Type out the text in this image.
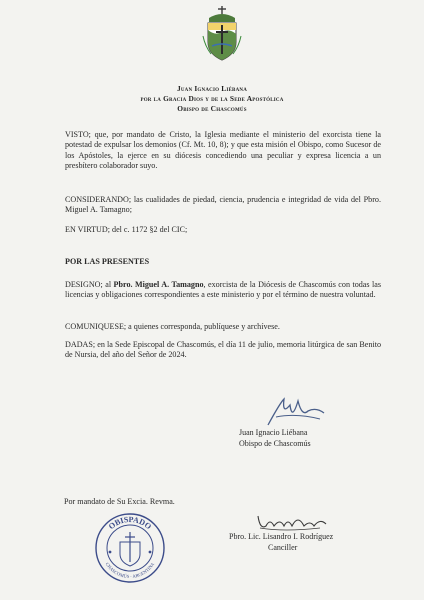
Juan Ignacio Liébana
por la Gracia Dios y de la Sede Apostólica
Obispo de Chascomús
VISTO; que, por mandato de Cristo, la Iglesia mediante el ministerio del exorcista tiene la potestad de expulsar los demonios (Cf. Mt. 10, 8); y que esta misión el Obispo, como Sucesor de los Apóstoles, la ejerce en su diócesis concediendo una peculiar y expresa licencia a un presbítero colaborador suyo.
CONSIDERANDO; las cualidades de piedad, ciencia, prudencia e integridad de vida del Pbro. Miguel A. Tamagno;
EN VIRTUD; del c. 1172 §2 del CIC;
POR LAS PRESENTES
DESIGNO; al Pbro. Miguel A. Tamagno, exorcista de la Diócesis de Chascomús con todas las licencias y obligaciones correspondientes a este ministerio y por el término de nuestra voluntad.
COMUNIQUESE; a quienes corresponda, publíquese y archívese.
DADAS; en la Sede Episcopal de Chascomús, el día 11 de julio, memoria litúrgica de san Benito de Nursia, del año del Señor de 2024.
Juan Ignacio Liébana
Obispo de Chascomús
Por mandato de Su Excia. Revma.
OBISPADO
CHASCOMÚS · ARGENTINA
Pbro. Lic. Lisandro I. Rodríguez
Canciller
